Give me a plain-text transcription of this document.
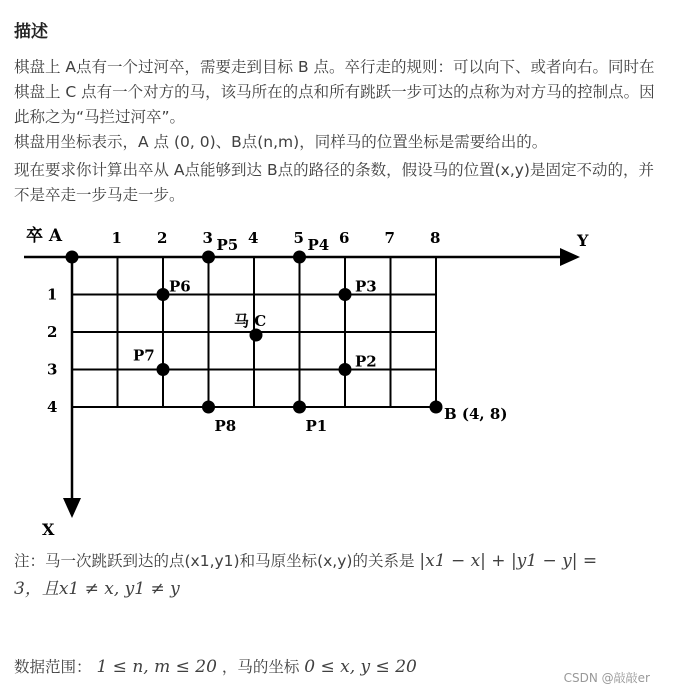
描述
棋盘上 A点有一个过河卒，需要走到目标 B 点。卒行走的规则：可以向下、或者向右。同时在棋盘上 C 点有一个对方的马，该马所在的点和所有跳跃一步可达的点称为对方马的控制点。因此称之为“马拦过河卒”。
棋盘用坐标表示，A 点 (0, 0)、B点(n,m)，同样马的位置坐标是需要给出的。
现在要求你计算出卒从 A点能够到达 B点的路径的条数，假设马的位置(x,y)是固定不动的，并不是卒走一步马走一步。
卒 A	1 2 3 4 5 6 7 8
1
2
3
4
Y
X
P1
P2
P3
P4
P5
P6
P7
P8
马 C
B (4, 8)
注：马一次跳跃到达的点(x1,y1)和马原坐标(x,y)的关系是 |x1 − x| + |y1 − y| =
3，且x1 ≠ x, y1 ≠ y
数据范围： 1 ≤ n, m ≤ 20 ，马的坐标 0 ≤ x, y ≤ 20
CSDN @敲敲er
